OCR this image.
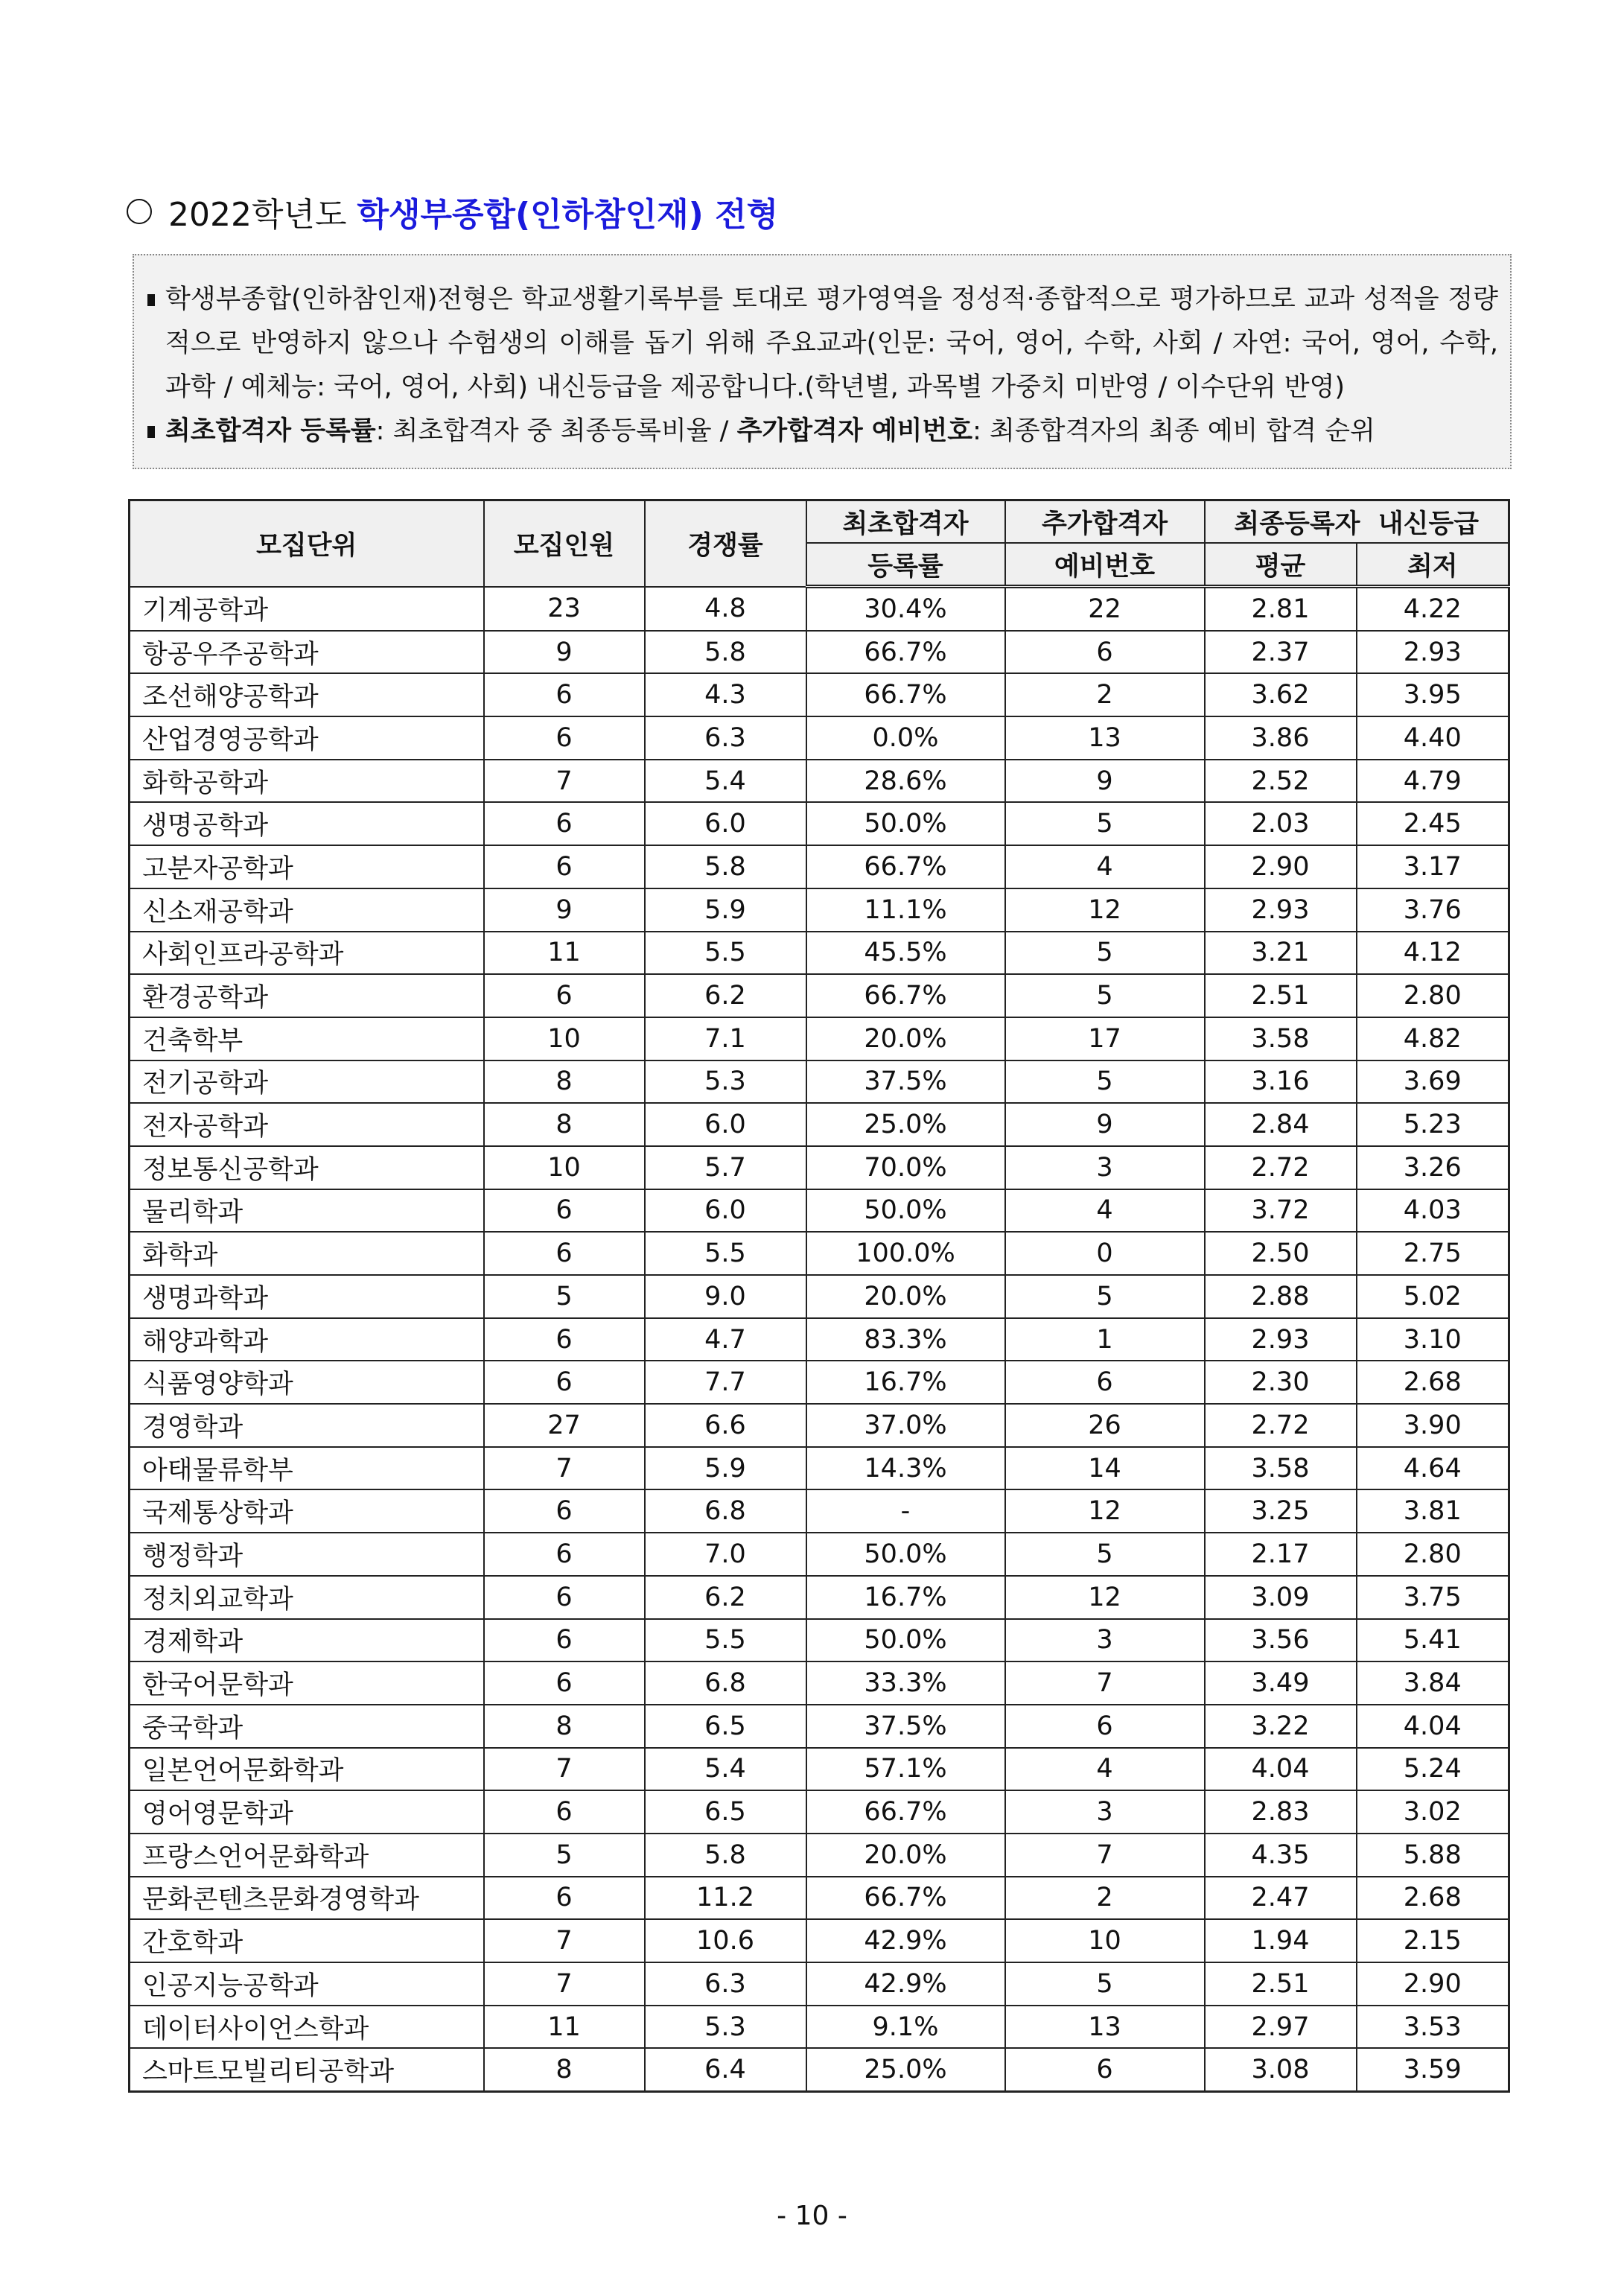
2022학년도 학생부종합(인하참인재) 전형
학생부종합(인하참인재)전형은 학교생활기록부를 토대로 평가영역을 정성적·종합적으로 평가하므로 교과 성적을 정량적으로 반영하지 않으나 수험생의 이해를 돕기 위해 주요교과(인문: 국어, 영어, 수학, 사회 / 자연: 국어, 영어, 수학, 과학 / 예체능: 국어, 영어, 사회) 내신등급을 제공합니다.(학년별, 과목별 가중치 미반영 / 이수단위 반영)
최초합격자 등록률: 최초합격자 중 최종등록비율 / 추가합격자 예비번호: 최종합격자의 최종 예비 합격 순위
모집단위	모집인원	경쟁률	최초합격자	추가합격자	최종등록자  내신등급	
			등록률	예비번호	평균	최저
기계공학과	23	4.8	30.4%	22	2.81	4.22
항공우주공학과	9	5.8	66.7%	6	2.37	2.93
조선해양공학과	6	4.3	66.7%	2	3.62	3.95
산업경영공학과	6	6.3	0.0%	13	3.86	4.40
화학공학과	7	5.4	28.6%	9	2.52	4.79
생명공학과	6	6.0	50.0%	5	2.03	2.45
고분자공학과	6	5.8	66.7%	4	2.90	3.17
신소재공학과	9	5.9	11.1%	12	2.93	3.76
사회인프라공학과	11	5.5	45.5%	5	3.21	4.12
환경공학과	6	6.2	66.7%	5	2.51	2.80
건축학부	10	7.1	20.0%	17	3.58	4.82
전기공학과	8	5.3	37.5%	5	3.16	3.69
전자공학과	8	6.0	25.0%	9	2.84	5.23
정보통신공학과	10	5.7	70.0%	3	2.72	3.26
물리학과	6	6.0	50.0%	4	3.72	4.03
화학과	6	5.5	100.0%	0	2.50	2.75
생명과학과	5	9.0	20.0%	5	2.88	5.02
해양과학과	6	4.7	83.3%	1	2.93	3.10
식품영양학과	6	7.7	16.7%	6	2.30	2.68
경영학과	27	6.6	37.0%	26	2.72	3.90
아태물류학부	7	5.9	14.3%	14	3.58	4.64
국제통상학과	6	6.8	-	12	3.25	3.81
행정학과	6	7.0	50.0%	5	2.17	2.80
정치외교학과	6	6.2	16.7%	12	3.09	3.75
경제학과	6	5.5	50.0%	3	3.56	5.41
한국어문학과	6	6.8	33.3%	7	3.49	3.84
중국학과	8	6.5	37.5%	6	3.22	4.04
일본언어문화학과	7	5.4	57.1%	4	4.04	5.24
영어영문학과	6	6.5	66.7%	3	2.83	3.02
프랑스언어문화학과	5	5.8	20.0%	7	4.35	5.88
문화콘텐츠문화경영학과	6	11.2	66.7%	2	2.47	2.68
간호학과	7	10.6	42.9%	10	1.94	2.15
인공지능공학과	7	6.3	42.9%	5	2.51	2.90
데이터사이언스학과	11	5.3	9.1%	13	2.97	3.53
스마트모빌리티공학과	8	6.4	25.0%	6	3.08	3.59
- 10 -
